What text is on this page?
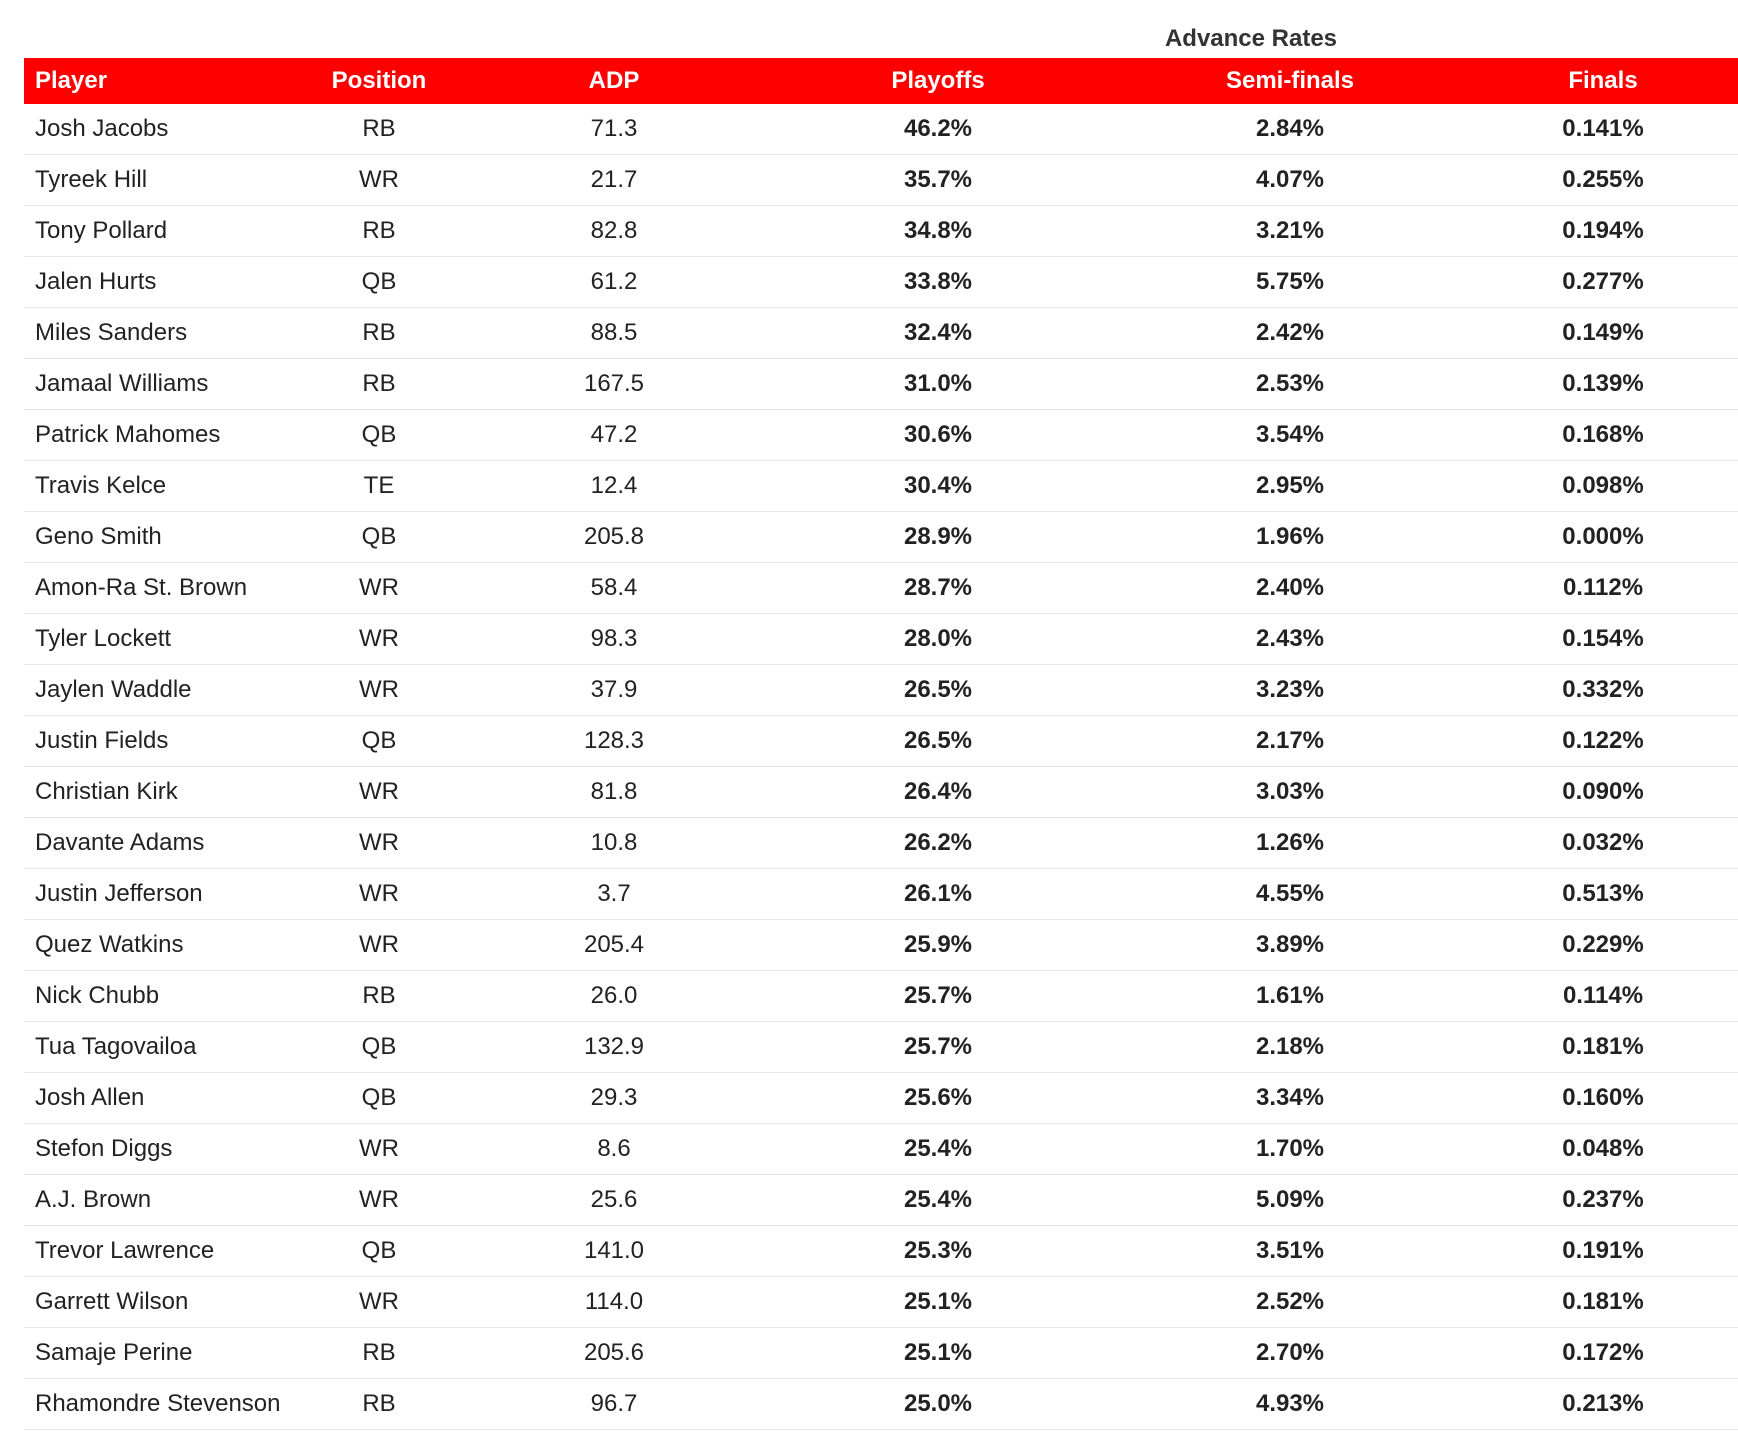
			Advance Rates		
Player	Position	ADP	Playoffs	Semi-finals	Finals
Josh Jacobs	RB	71.3	46.2%	2.84%	0.141%
Tyreek Hill	WR	21.7	35.7%	4.07%	0.255%
Tony Pollard	RB	82.8	34.8%	3.21%	0.194%
Jalen Hurts	QB	61.2	33.8%	5.75%	0.277%
Miles Sanders	RB	88.5	32.4%	2.42%	0.149%
Jamaal Williams	RB	167.5	31.0%	2.53%	0.139%
Patrick Mahomes	QB	47.2	30.6%	3.54%	0.168%
Travis Kelce	TE	12.4	30.4%	2.95%	0.098%
Geno Smith	QB	205.8	28.9%	1.96%	0.000%
Amon-Ra St. Brown	WR	58.4	28.7%	2.40%	0.112%
Tyler Lockett	WR	98.3	28.0%	2.43%	0.154%
Jaylen Waddle	WR	37.9	26.5%	3.23%	0.332%
Justin Fields	QB	128.3	26.5%	2.17%	0.122%
Christian Kirk	WR	81.8	26.4%	3.03%	0.090%
Davante Adams	WR	10.8	26.2%	1.26%	0.032%
Justin Jefferson	WR	3.7	26.1%	4.55%	0.513%
Quez Watkins	WR	205.4	25.9%	3.89%	0.229%
Nick Chubb	RB	26.0	25.7%	1.61%	0.114%
Tua Tagovailoa	QB	132.9	25.7%	2.18%	0.181%
Josh Allen	QB	29.3	25.6%	3.34%	0.160%
Stefon Diggs	WR	8.6	25.4%	1.70%	0.048%
A.J. Brown	WR	25.6	25.4%	5.09%	0.237%
Trevor Lawrence	QB	141.0	25.3%	3.51%	0.191%
Garrett Wilson	WR	114.0	25.1%	2.52%	0.181%
Samaje Perine	RB	205.6	25.1%	2.70%	0.172%
Rhamondre Stevenson	RB	96.7	25.0%	4.93%	0.213%
